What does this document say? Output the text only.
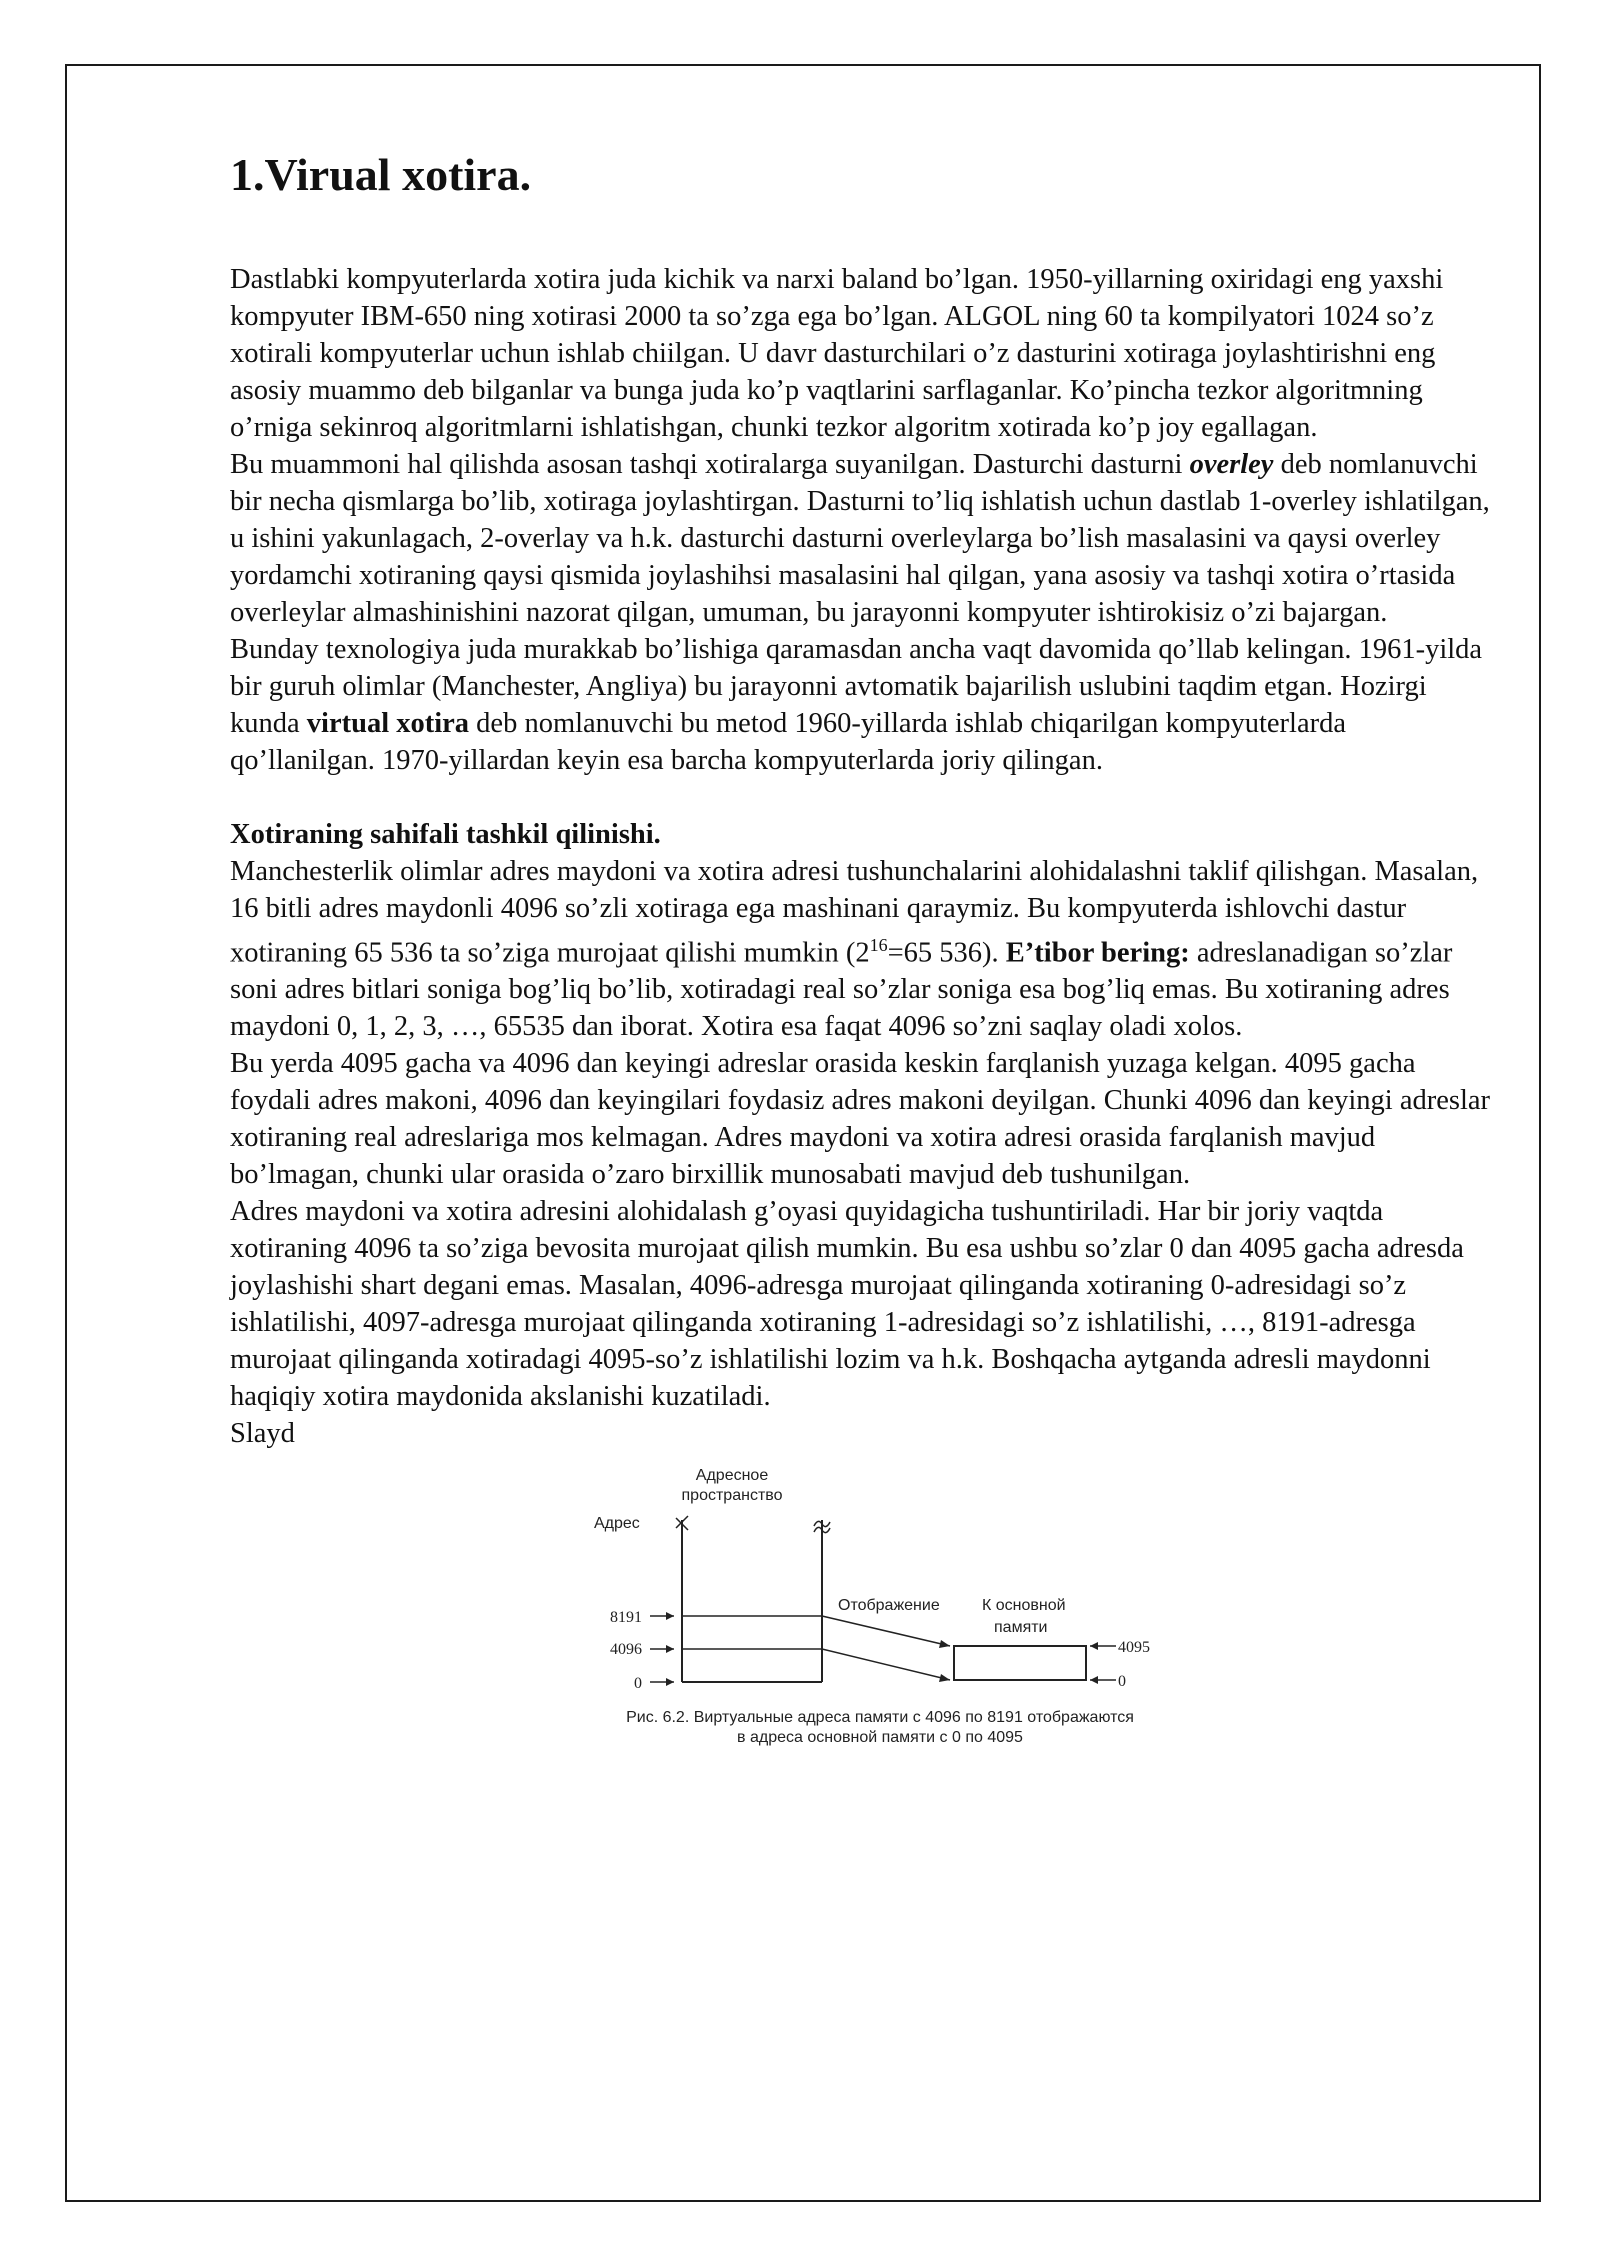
1.Virual xotira.

Dastlabki kompyuterlarda xotira juda kichik va narxi baland bo’lgan. 1950-yillarning oxiridagi eng yaxshi kompyuter IBM-650 ning xotirasi 2000 ta so’zga ega bo’lgan. ALGOL ning 60 ta kompilyatori 1024 so’z xotirali kompyuterlar uchun ishlab chiilgan. U davr dasturchilari o’z dasturini xotiraga joylashtirishni eng asosiy muammo deb bilganlar va bunga juda ko’p vaqtlarini sarflaganlar. Ko’pincha tezkor algoritmning o’rniga sekinroq algoritmlarni ishlatishgan, chunki tezkor algoritm xotirada ko’p joy egallagan.

Bu muammoni hal qilishda asosan tashqi xotiralarga suyanilgan. Dasturchi dasturni overley deb nomlanuvchi bir necha qismlarga bo’lib, xotiraga joylashtirgan. Dasturni to’liq ishlatish uchun dastlab 1-overley ishlatilgan, u ishini yakunlagach, 2-overlay va h.k. dasturchi dasturni overleylarga bo’lish masalasini va qaysi overley yordamchi xotiraning qaysi qismida joylashihsi masalasini hal qilgan, yana asosiy va tashqi xotira o’rtasida overleylar almashinishini nazorat qilgan, umuman, bu jarayonni kompyuter ishtirokisiz o’zi bajargan.

Bunday texnologiya juda murakkab bo’lishiga qaramasdan ancha vaqt davomida qo’llab kelingan. 1961-yilda bir guruh olimlar (Manchester, Angliya) bu jarayonni avtomatik bajarilish uslubini taqdim etgan. Hozirgi kunda virtual xotira deb nomlanuvchi bu metod 1960-yillarda ishlab chiqarilgan kompyuterlarda qo’llanilgan. 1970-yillardan keyin esa barcha kompyuterlarda joriy qilingan.

Xotiraning sahifali tashkil qilinishi.

Manchesterlik olimlar adres maydoni va xotira adresi tushunchalarini alohidalashni taklif qilishgan. Masalan, 16 bitli adres maydonli 4096 so’zli xotiraga ega mashinani qaraymiz. Bu kompyuterda ishlovchi dastur xotiraning 65 536 ta so’ziga murojaat qilishi mumkin ($2^{16}=65$ 536). E’tibor bering: adreslanadigan so’zlar soni adres bitlari soniga bog’liq bo’lib, xotiradagi real so’zlar soniga esa bog’liq emas. Bu xotiraning adres maydoni 0, 1, 2, 3, …, 65535 dan iborat. Xotira esa faqat 4096 so’zni saqlay oladi xolos.

Bu yerda 4095 gacha va 4096 dan keyingi adreslar orasida keskin farqlanish yuzaga kelgan. 4095 gacha foydali adres makoni, 4096 dan keyingilari foydasiz adres makoni deyilgan. Chunki 4096 dan keyingi adreslar xotiraning real adreslariga mos kelmagan. Adres maydoni va xotira adresi orasida farqlanish mavjud bo’lmagan, chunki ular orasida o’zaro birxillik munosabati mavjud deb tushunilgan.

Adres maydoni va xotira adresini alohidalash g’oyasi quyidagicha tushuntiriladi. Har bir joriy vaqtda xotiraning 4096 ta so’ziga bevosita murojaat qilish mumkin. Bu esa ushbu so’zlar 0 dan 4095 gacha adresda joylashishi shart degani emas. Masalan, 4096-adresga murojaat qilinganda xotiraning 0-adresidagi so’z ishlatilishi, 4097-adresga murojaat qilinganda xotiraning 1-adresidagi so’z ishlatilishi, …, 8191-adresga murojaat qilinganda xotiradagi 4095-so’z ishlatilishi lozim va h.k. Boshqacha aytganda adresli maydonni haqiqiy xotira maydonida akslanishi kuzatiladi.

Slayd

Адресное
пространство
Адрес
8191
4096
0
Отображение	К основной
памяти
4095
0
Рис. 6.2. Виртуальные адреса памяти с 4096 по 8191 отображаются
в адреса основной памяти с 0 по 4095
